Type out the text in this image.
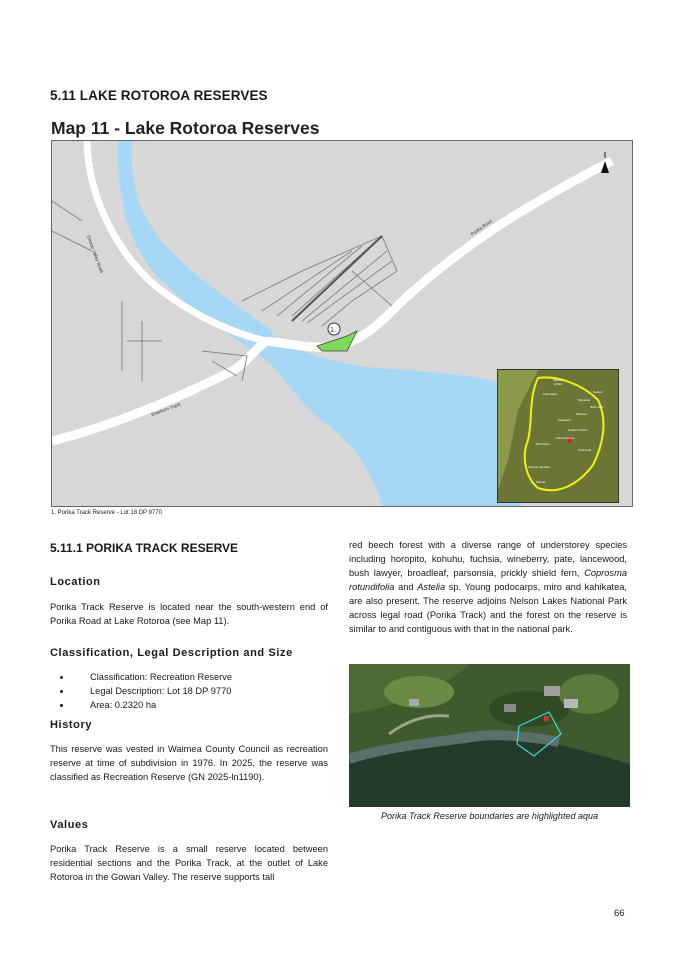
5.11 LAKE ROTOROA RESERVES
Map 11 - Lake Rotoroa Reserves
1.
Gowan Valley Road
Porika Road
Braeburn Track
Mount
Arthur
Kahurangi
Motueka
Nelson
Richmond
Waimea
Tapawera
Golden Downs
St Arnaud
Murchison
Lake Rotoroa
Springs Junction
Maruia
1. Porika Track Reserve - Lot 18 DP 9770
5.11.1 PORIKA TRACK RESERVE
Location

Porika Track Reserve is located near the south-western end of Porika Road at Lake Rotoroa (see Map 11).

Classification, Legal Description and Size
• Classification: Recreation Reserve
• Legal Description: Lot 18 DP 9770
• Area: 0.2320 ha
History

This reserve was vested in Waimea County Council as recreation reserve at time of subdivision in 1976. In 2025, the reserve was classified as Recreation Reserve (GN 2025-ln1190).

Values

Porika Track Reserve is a small reserve located between residential sections and the Porika Track, at the outlet of Lake Rotoroa in the Gowan Valley. The reserve supports tall

red beech forest with a diverse range of understorey species including horopito, kohuhu, fuchsia, wineberry, pate, lancewood, bush lawyer, broadleaf, parsonsia, prickly shield fern, Coprosma rotundifolia and Astelia sp. Young podocarps, miro and kahikatea, are also present. The reserve adjoins Nelson Lakes National Park across legal road (Porika Track) and the forest on the reserve is similar to and contiguous with that in the national park.

Porika Track Reserve boundaries are highlighted aqua
66
